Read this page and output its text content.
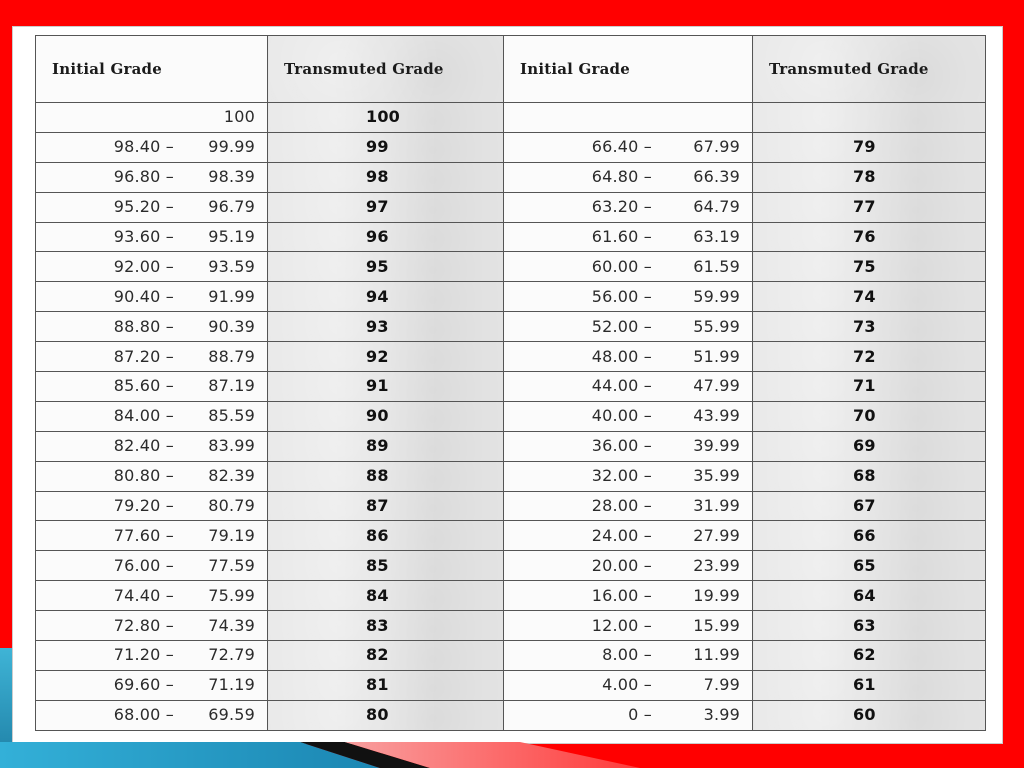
Initial Grade	Transmuted Grade	Initial Grade	Transmuted Grade

100	100		

98.40 – 99.99	99	66.40 – 67.99	79

96.80 – 98.39	98	64.80 – 66.39	78

95.20 – 96.79	97	63.20 – 64.79	77

93.60 – 95.19	96	61.60 – 63.19	76

92.00 – 93.59	95	60.00 – 61.59	75

90.40 – 91.99	94	56.00 – 59.99	74

88.80 – 90.39	93	52.00 – 55.99	73

87.20 – 88.79	92	48.00 – 51.99	72

85.60 – 87.19	91	44.00 – 47.99	71

84.00 – 85.59	90	40.00 – 43.99	70

82.40 – 83.99	89	36.00 – 39.99	69

80.80 – 82.39	88	32.00 – 35.99	68

79.20 – 80.79	87	28.00 – 31.99	67

77.60 – 79.19	86	24.00 – 27.99	66

76.00 – 77.59	85	20.00 – 23.99	65

74.40 – 75.99	84	16.00 – 19.99	64

72.80 – 74.39	83	12.00 – 15.99	63

71.20 – 72.79	82	8.00 – 11.99	62

69.60 – 71.19	81	4.00 – 7.99	61

68.00 – 69.59	80	0 – 3.99	60
